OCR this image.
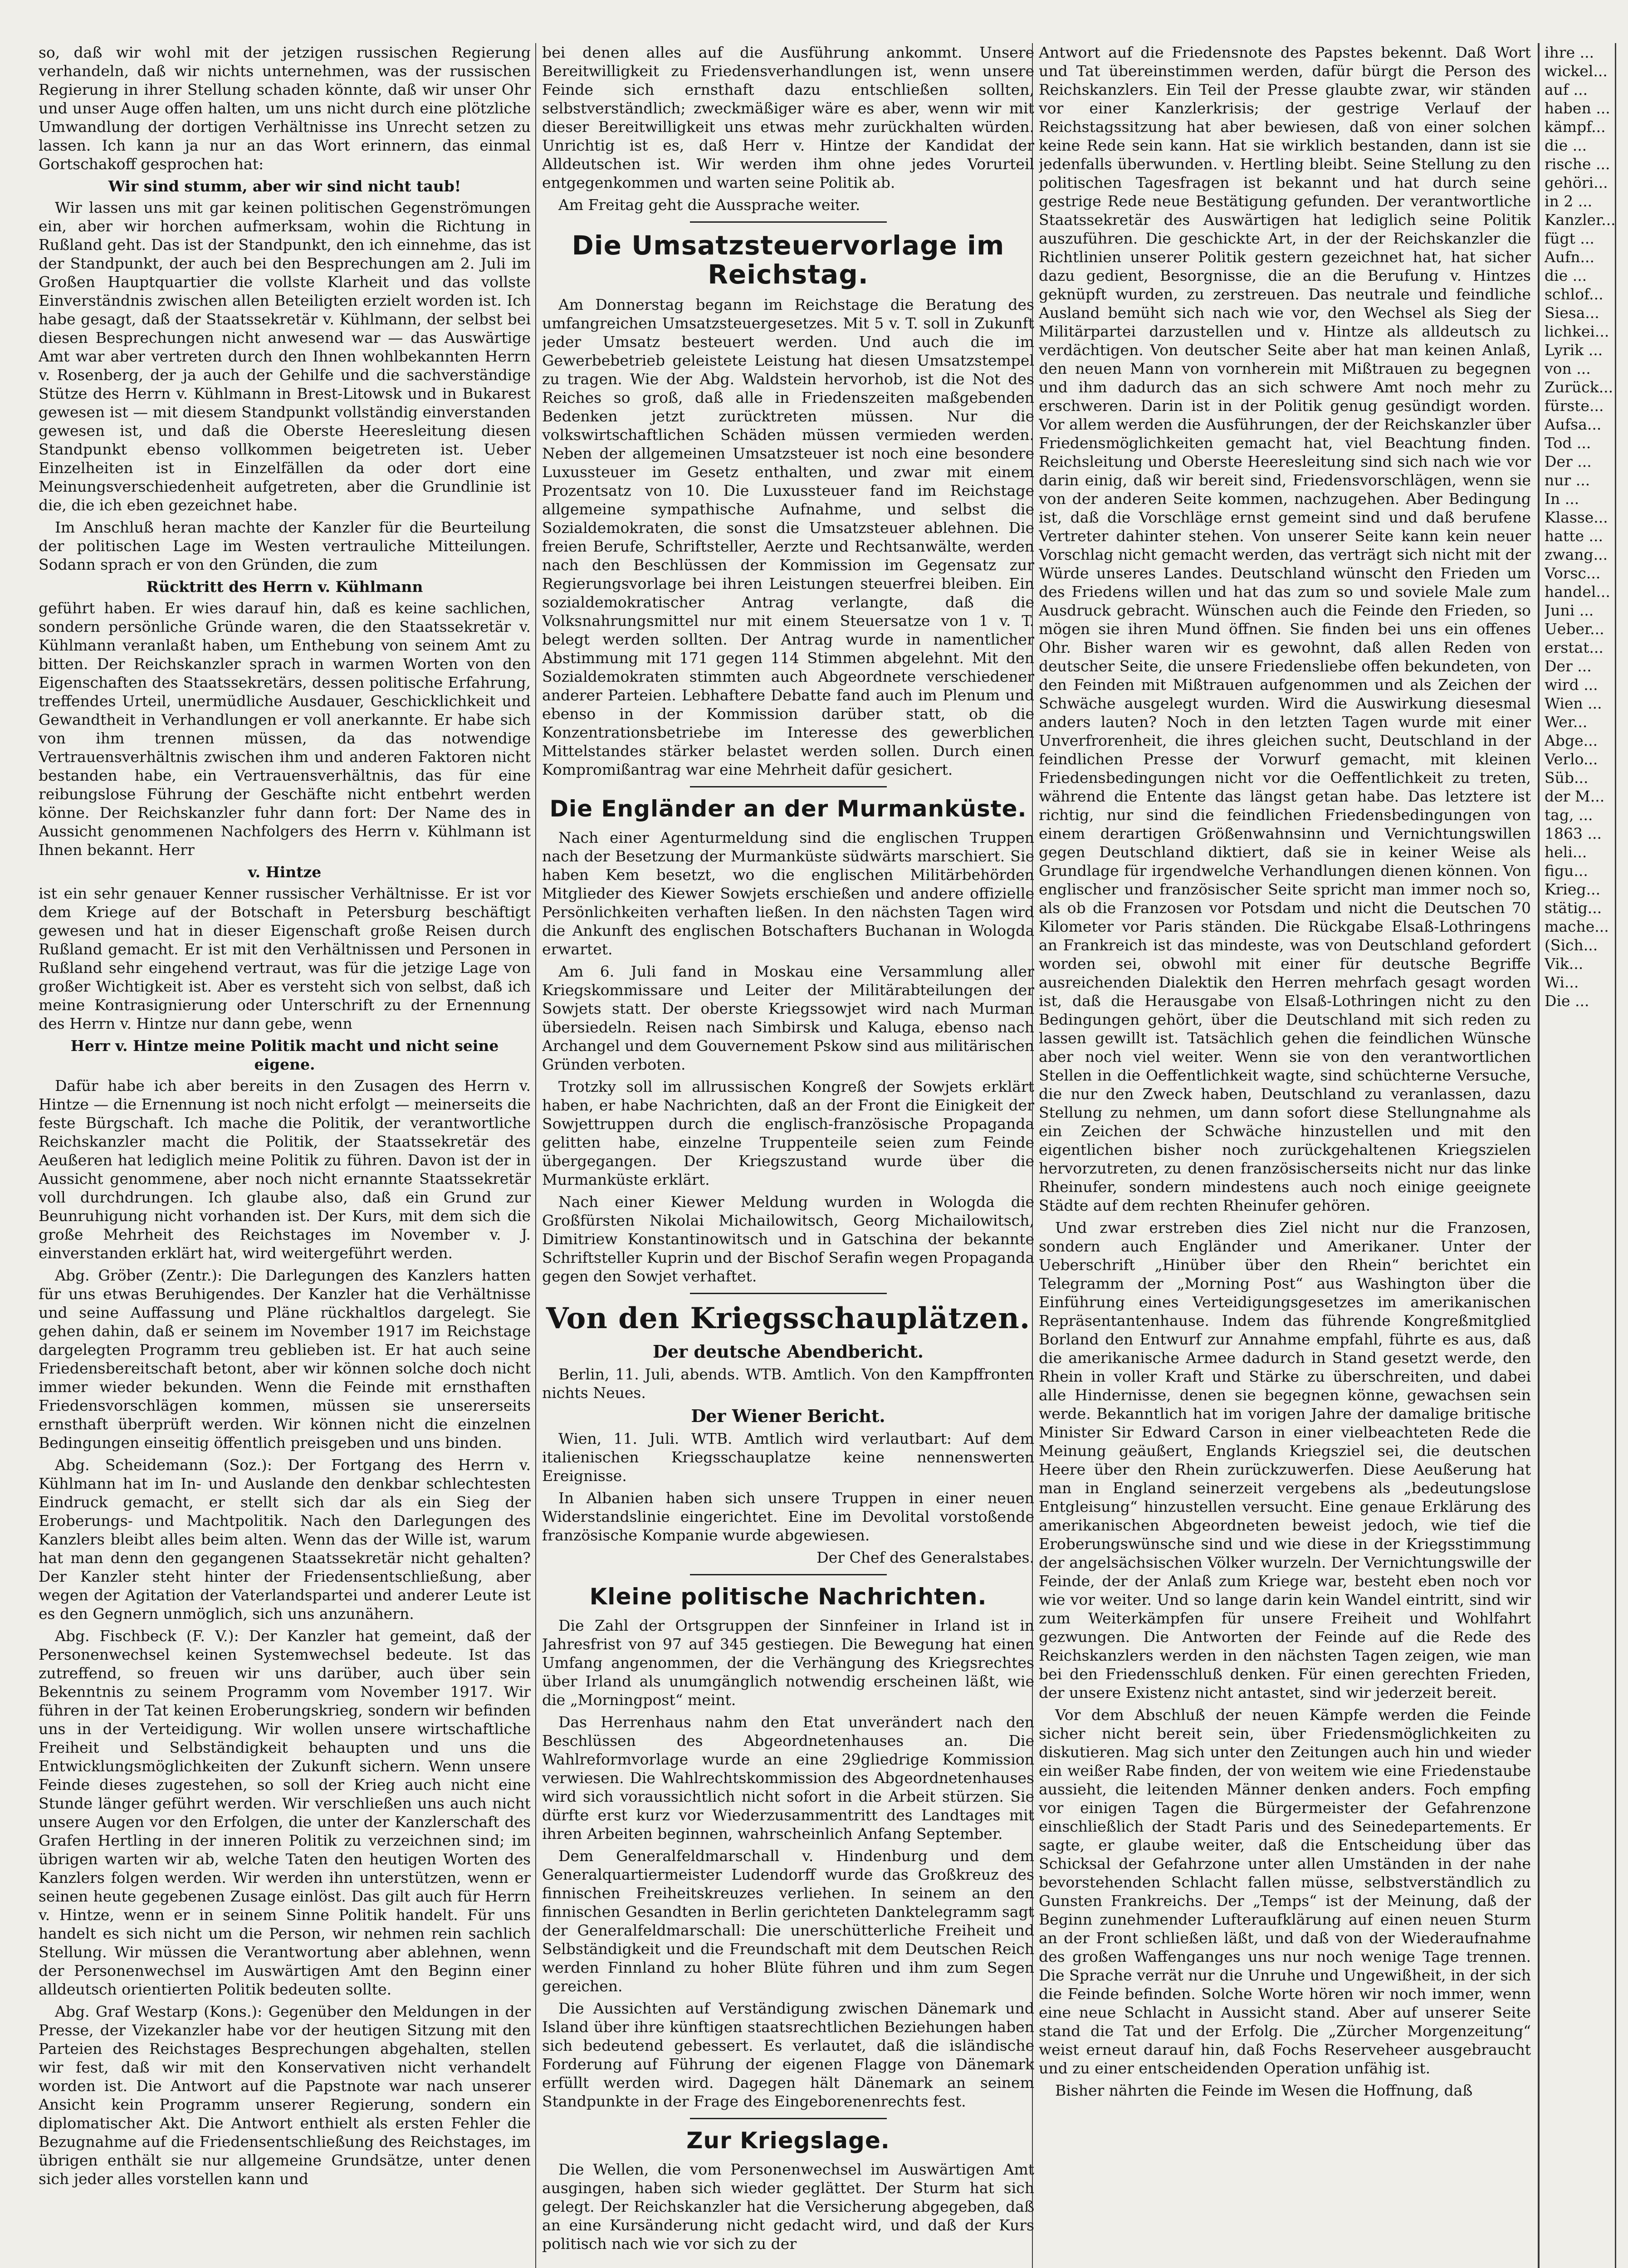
so, daß wir wohl mit der jetzigen russischen Regierung verhandeln, daß wir nichts unternehmen, was der russischen Regierung in ihrer Stellung schaden könnte, daß wir unser Ohr und unser Auge offen halten, um uns nicht durch eine plötzliche Umwandlung der dortigen Verhältnisse ins Unrecht setzen zu lassen. Ich kann ja nur an das Wort erinnern, das einmal Gortschakoff gesprochen hat:

Wir sind stumm, aber wir sind nicht taub!

Wir lassen uns mit gar keinen politischen Gegenströmungen ein, aber wir horchen aufmerksam, wohin die Richtung in Rußland geht. Das ist der Standpunkt, den ich einnehme, das ist der Standpunkt, der auch bei den Besprechungen am 2. Juli im Großen Hauptquartier die vollste Klarheit und das vollste Einverständnis zwischen allen Beteiligten erzielt worden ist. Ich habe gesagt, daß der Staatssekretär v. Kühlmann, der selbst bei diesen Besprechungen nicht anwesend war — das Auswärtige Amt war aber vertreten durch den Ihnen wohlbekannten Herrn v. Rosenberg, der ja auch der Gehilfe und die sachverständige Stütze des Herrn v. Kühlmann in Brest-Litowsk und in Bukarest gewesen ist — mit diesem Standpunkt vollständig einverstanden gewesen ist, und daß die Oberste Heeresleitung diesen Standpunkt ebenso vollkommen beigetreten ist. Ueber Einzelheiten ist in Einzelfällen da oder dort eine Meinungsverschiedenheit aufgetreten, aber die Grundlinie ist die, die ich eben gezeichnet habe.

Im Anschluß heran machte der Kanzler für die Beurteilung der politischen Lage im Westen vertrauliche Mitteilungen. Sodann sprach er von den Gründen, die zum

Rücktritt des Herrn v. Kühlmann

geführt haben. Er wies darauf hin, daß es keine sachlichen, sondern persönliche Gründe waren, die den Staatssekretär v. Kühlmann veranlaßt haben, um Enthebung von seinem Amt zu bitten. Der Reichskanzler sprach in warmen Worten von den Eigenschaften des Staatssekretärs, dessen politische Erfahrung, treffendes Urteil, unermüdliche Ausdauer, Geschicklichkeit und Gewandtheit in Verhandlungen er voll anerkannte. Er habe sich von ihm trennen müssen, da das notwendige Vertrauensverhältnis zwischen ihm und anderen Faktoren nicht bestanden habe, ein Vertrauensverhältnis, das für eine reibungslose Führung der Geschäfte nicht entbehrt werden könne. Der Reichskanzler fuhr dann fort: Der Name des in Aussicht genommenen Nachfolgers des Herrn v. Kühlmann ist Ihnen bekannt. Herr

v. Hintze

ist ein sehr genauer Kenner russischer Verhältnisse. Er ist vor dem Kriege auf der Botschaft in Petersburg beschäftigt gewesen und hat in dieser Eigenschaft große Reisen durch Rußland gemacht. Er ist mit den Verhältnissen und Personen in Rußland sehr eingehend vertraut, was für die jetzige Lage von großer Wichtigkeit ist. Aber es versteht sich von selbst, daß ich meine Kontrasignierung oder Unterschrift zu der Ernennung des Herrn v. Hintze nur dann gebe, wenn

Herr v. Hintze meine Politik macht und nicht seine eigene.

Dafür habe ich aber bereits in den Zusagen des Herrn v. Hintze — die Ernennung ist noch nicht erfolgt — meinerseits die feste Bürgschaft. Ich mache die Politik, der verantwortliche Reichskanzler macht die Politik, der Staatssekretär des Aeußeren hat lediglich meine Politik zu führen. Davon ist der in Aussicht genommene, aber noch nicht ernannte Staatssekretär voll durchdrungen. Ich glaube also, daß ein Grund zur Beunruhigung nicht vorhanden ist. Der Kurs, mit dem sich die große Mehrheit des Reichstages im November v. J. einverstanden erklärt hat, wird weitergeführt werden.

Abg. Gröber (Zentr.): Die Darlegungen des Kanzlers hatten für uns etwas Beruhigendes. Der Kanzler hat die Verhältnisse und seine Auffassung und Pläne rückhaltlos dargelegt. Sie gehen dahin, daß er seinem im November 1917 im Reichstage dargelegten Programm treu geblieben ist. Er hat auch seine Friedensbereitschaft betont, aber wir können solche doch nicht immer wieder bekunden. Wenn die Feinde mit ernsthaften Friedensvorschlägen kommen, müssen sie unsererseits ernsthaft überprüft werden. Wir können nicht die einzelnen Bedingungen einseitig öffentlich preisgeben und uns binden.

Abg. Scheidemann (Soz.): Der Fortgang des Herrn v. Kühlmann hat im In- und Auslande den denkbar schlechtesten Eindruck gemacht, er stellt sich dar als ein Sieg der Eroberungs- und Machtpolitik. Nach den Darlegungen des Kanzlers bleibt alles beim alten. Wenn das der Wille ist, warum hat man denn den gegangenen Staatssekretär nicht gehalten? Der Kanzler steht hinter der Friedensentschließung, aber wegen der Agitation der Vaterlandspartei und anderer Leute ist es den Gegnern unmöglich, sich uns anzunähern.

Abg. Fischbeck (F. V.): Der Kanzler hat gemeint, daß der Personenwechsel keinen Systemwechsel bedeute. Ist das zutreffend, so freuen wir uns darüber, auch über sein Bekenntnis zu seinem Programm vom November 1917. Wir führen in der Tat keinen Eroberungskrieg, sondern wir befinden uns in der Verteidigung. Wir wollen unsere wirtschaftliche Freiheit und Selbständigkeit behaupten und uns die Entwicklungsmöglichkeiten der Zukunft sichern. Wenn unsere Feinde dieses zugestehen, so soll der Krieg auch nicht eine Stunde länger geführt werden. Wir verschließen uns auch nicht unsere Augen vor den Erfolgen, die unter der Kanzlerschaft des Grafen Hertling in der inneren Politik zu verzeichnen sind; im übrigen warten wir ab, welche Taten den heutigen Worten des Kanzlers folgen werden. Wir werden ihn unterstützen, wenn er seinen heute gegebenen Zusage einlöst. Das gilt auch für Herrn v. Hintze, wenn er in seinem Sinne Politik handelt. Für uns handelt es sich nicht um die Person, wir nehmen rein sachlich Stellung. Wir müssen die Verantwortung aber ablehnen, wenn der Personenwechsel im Auswärtigen Amt den Beginn einer alldeutsch orientierten Politik bedeuten sollte.

Abg. Graf Westarp (Kons.): Gegenüber den Meldungen in der Presse, der Vizekanzler habe vor der heutigen Sitzung mit den Parteien des Reichstages Besprechungen abgehalten, stellen wir fest, daß wir mit den Konservativen nicht verhandelt worden ist. Die Antwort auf die Papstnote war nach unserer Ansicht kein Programm unserer Regierung, sondern ein diplomatischer Akt. Die Antwort enthielt als ersten Fehler die Bezugnahme auf die Friedensentschließung des Reichstages, im übrigen enthält sie nur allgemeine Grundsätze, unter denen sich jeder alles vorstellen kann und

bei denen alles auf die Ausführung ankommt. Unsere Bereitwilligkeit zu Friedensverhandlungen ist, wenn unsere Feinde sich ernsthaft dazu entschließen sollten, selbstverständlich; zweckmäßiger wäre es aber, wenn wir mit dieser Bereitwilligkeit uns etwas mehr zurückhalten würden. Unrichtig ist es, daß Herr v. Hintze der Kandidat der Alldeutschen ist. Wir werden ihm ohne jedes Vorurteil entgegenkommen und warten seine Politik ab.

Am Freitag geht die Aussprache weiter.

Die Umsatzsteuervorlage im Reichstag.

Am Donnerstag begann im Reichstage die Beratung des umfangreichen Umsatzsteuergesetzes. Mit 5 v. T. soll in Zukunft jeder Umsatz besteuert werden. Und auch die im Gewerbebetrieb geleistete Leistung hat diesen Umsatzstempel zu tragen. Wie der Abg. Waldstein hervorhob, ist die Not des Reiches so groß, daß alle in Friedenszeiten maßgebenden Bedenken jetzt zurücktreten müssen. Nur die volkswirtschaftlichen Schäden müssen vermieden werden. Neben der allgemeinen Umsatzsteuer ist noch eine besondere Luxussteuer im Gesetz enthalten, und zwar mit einem Prozentsatz von 10. Die Luxussteuer fand im Reichstage allgemeine sympathische Aufnahme, und selbst die Sozialdemokraten, die sonst die Umsatzsteuer ablehnen. Die freien Berufe, Schriftsteller, Aerzte und Rechtsanwälte, werden nach den Beschlüssen der Kommission im Gegensatz zur Regierungsvorlage bei ihren Leistungen steuerfrei bleiben. Ein sozialdemokratischer Antrag verlangte, daß die Volksnahrungsmittel nur mit einem Steuersatze von 1 v. T. belegt werden sollten. Der Antrag wurde in namentlicher Abstimmung mit 171 gegen 114 Stimmen abgelehnt. Mit den Sozialdemokraten stimmten auch Abgeordnete verschiedener anderer Parteien. Lebhaftere Debatte fand auch im Plenum und ebenso in der Kommission darüber statt, ob die Konzentrationsbetriebe im Interesse des gewerblichen Mittelstandes stärker belastet werden sollen. Durch einen Kompromißantrag war eine Mehrheit dafür gesichert.

Die Engländer an der Murmanküste.

Nach einer Agenturmeldung sind die englischen Truppen nach der Besetzung der Murmanküste südwärts marschiert. Sie haben Kem besetzt, wo die englischen Militärbehörden Mitglieder des Kiewer Sowjets erschießen und andere offizielle Persönlichkeiten verhaften ließen. In den nächsten Tagen wird die Ankunft des englischen Botschafters Buchanan in Wologda erwartet.

Am 6. Juli fand in Moskau eine Versammlung aller Kriegskommissare und Leiter der Militärabteilungen der Sowjets statt. Der oberste Kriegssowjet wird nach Murman übersiedeln. Reisen nach Simbirsk und Kaluga, ebenso nach Archangel und dem Gouvernement Pskow sind aus militärischen Gründen verboten.

Trotzky soll im allrussischen Kongreß der Sowjets erklärt haben, er habe Nachrichten, daß an der Front die Einigkeit der Sowjettruppen durch die englisch-französische Propaganda gelitten habe, einzelne Truppenteile seien zum Feinde übergegangen. Der Kriegszustand wurde über die Murmanküste erklärt.

Nach einer Kiewer Meldung wurden in Wologda die Großfürsten Nikolai Michailowitsch, Georg Michailowitsch, Dimitriew Konstantinowitsch und in Gatschina der bekannte Schriftsteller Kuprin und der Bischof Serafin wegen Propaganda gegen den Sowjet verhaftet.

Von den Kriegsschauplätzen.
Der deutsche Abendbericht.

Berlin, 11. Juli, abends. WTB. Amtlich. Von den Kampffronten nichts Neues.

Der Wiener Bericht.

Wien, 11. Juli. WTB. Amtlich wird verlautbart: Auf dem italienischen Kriegsschauplatze keine nennenswerten Ereignisse.

In Albanien haben sich unsere Truppen in einer neuen Widerstandslinie eingerichtet. Eine im Devolital vorstoßende französische Kompanie wurde abgewiesen.

Der Chef des Generalstabes.
Kleine politische Nachrichten.

Die Zahl der Ortsgruppen der Sinnfeiner in Irland ist in Jahresfrist von 97 auf 345 gestiegen. Die Bewegung hat einen Umfang angenommen, der die Verhängung des Kriegsrechtes über Irland als unumgänglich notwendig erscheinen läßt, wie die „Morningpost“ meint.

Das Herrenhaus nahm den Etat unverändert nach den Beschlüssen des Abgeordnetenhauses an. Die Wahlreformvorlage wurde an eine 29gliedrige Kommission verwiesen. Die Wahlrechtskommission des Abgeordnetenhauses wird sich voraussichtlich nicht sofort in die Arbeit stürzen. Sie dürfte erst kurz vor Wiederzusammentritt des Landtages mit ihren Arbeiten beginnen, wahrscheinlich Anfang September.

Dem Generalfeldmarschall v. Hindenburg und dem Generalquartiermeister Ludendorff wurde das Großkreuz des finnischen Freiheitskreuzes verliehen. In seinem an den finnischen Gesandten in Berlin gerichteten Danktelegramm sagt der Generalfeldmarschall: Die unerschütterliche Freiheit und Selbständigkeit und die Freundschaft mit dem Deutschen Reich werden Finnland zu hoher Blüte führen und ihm zum Segen gereichen.

Die Aussichten auf Verständigung zwischen Dänemark und Island über ihre künftigen staatsrechtlichen Beziehungen haben sich bedeutend gebessert. Es verlautet, daß die isländische Forderung auf Führung der eigenen Flagge von Dänemark erfüllt werden wird. Dagegen hält Dänemark an seinem Standpunkte in der Frage des Eingeborenenrechts fest.

Zur Kriegslage.

Die Wellen, die vom Personenwechsel im Auswärtigen Amt ausgingen, haben sich wieder geglättet. Der Sturm hat sich gelegt. Der Reichskanzler hat die Versicherung abgegeben, daß an eine Kursänderung nicht gedacht wird, und daß der Kurs politisch nach wie vor sich zu der

Antwort auf die Friedensnote des Papstes bekennt. Daß Wort und Tat übereinstimmen werden, dafür bürgt die Person des Reichskanzlers. Ein Teil der Presse glaubte zwar, wir ständen vor einer Kanzlerkrisis; der gestrige Verlauf der Reichstagssitzung hat aber bewiesen, daß von einer solchen keine Rede sein kann. Hat sie wirklich bestanden, dann ist sie jedenfalls überwunden. v. Hertling bleibt. Seine Stellung zu den politischen Tagesfragen ist bekannt und hat durch seine gestrige Rede neue Bestätigung gefunden. Der verantwortliche Staatssekretär des Auswärtigen hat lediglich seine Politik auszuführen. Die geschickte Art, in der der Reichskanzler die Richtlinien unserer Politik gestern gezeichnet hat, hat sicher dazu gedient, Besorgnisse, die an die Berufung v. Hintzes geknüpft wurden, zu zerstreuen. Das neutrale und feindliche Ausland bemüht sich nach wie vor, den Wechsel als Sieg der Militärpartei darzustellen und v. Hintze als alldeutsch zu verdächtigen. Von deutscher Seite aber hat man keinen Anlaß, den neuen Mann von vornherein mit Mißtrauen zu begegnen und ihm dadurch das an sich schwere Amt noch mehr zu erschweren. Darin ist in der Politik genug gesündigt worden. Vor allem werden die Ausführungen, der der Reichskanzler über Friedensmöglichkeiten gemacht hat, viel Beachtung finden. Reichsleitung und Oberste Heeresleitung sind sich nach wie vor darin einig, daß wir bereit sind, Friedensvorschlägen, wenn sie von der anderen Seite kommen, nachzugehen. Aber Bedingung ist, daß die Vorschläge ernst gemeint sind und daß berufene Vertreter dahinter stehen. Von unserer Seite kann kein neuer Vorschlag nicht gemacht werden, das verträgt sich nicht mit der Würde unseres Landes. Deutschland wünscht den Frieden um des Friedens willen und hat das zum so und soviele Male zum Ausdruck gebracht. Wünschen auch die Feinde den Frieden, so mögen sie ihren Mund öffnen. Sie finden bei uns ein offenes Ohr. Bisher waren wir es gewohnt, daß allen Reden von deutscher Seite, die unsere Friedensliebe offen bekundeten, von den Feinden mit Mißtrauen aufgenommen und als Zeichen der Schwäche ausgelegt wurden. Wird die Auswirkung diesesmal anders lauten? Noch in den letzten Tagen wurde mit einer Unverfrorenheit, die ihres gleichen sucht, Deutschland in der feindlichen Presse der Vorwurf gemacht, mit kleinen Friedensbedingungen nicht vor die Oeffentlichkeit zu treten, während die Entente das längst getan habe. Das letztere ist richtig, nur sind die feindlichen Friedensbedingungen von einem derartigen Größenwahnsinn und Vernichtungswillen gegen Deutschland diktiert, daß sie in keiner Weise als Grundlage für irgendwelche Verhandlungen dienen können. Von englischer und französischer Seite spricht man immer noch so, als ob die Franzosen vor Potsdam und nicht die Deutschen 70 Kilometer vor Paris ständen. Die Rückgabe Elsaß-Lothringens an Frankreich ist das mindeste, was von Deutschland gefordert worden sei, obwohl mit einer für deutsche Begriffe ausreichenden Dialektik den Herren mehrfach gesagt worden ist, daß die Herausgabe von Elsaß-Lothringen nicht zu den Bedingungen gehört, über die Deutschland mit sich reden zu lassen gewillt ist. Tatsächlich gehen die feindlichen Wünsche aber noch viel weiter. Wenn sie von den verantwortlichen Stellen in die Oeffentlichkeit wagte, sind schüchterne Versuche, die nur den Zweck haben, Deutschland zu veranlassen, dazu Stellung zu nehmen, um dann sofort diese Stellungnahme als ein Zeichen der Schwäche hinzustellen und mit den eigentlichen bisher noch zurückgehaltenen Kriegszielen hervorzutreten, zu denen französischerseits nicht nur das linke Rheinufer, sondern mindestens auch noch einige geeignete Städte auf dem rechten Rheinufer gehören.

Und zwar erstreben dies Ziel nicht nur die Franzosen, sondern auch Engländer und Amerikaner. Unter der Ueberschrift „Hinüber über den Rhein“ berichtet ein Telegramm der „Morning Post“ aus Washington über die Einführung eines Verteidigungsgesetzes im amerikanischen Repräsentantenhause. Indem das führende Kongreßmitglied Borland den Entwurf zur Annahme empfahl, führte es aus, daß die amerikanische Armee dadurch in Stand gesetzt werde, den Rhein in voller Kraft und Stärke zu überschreiten, und dabei alle Hindernisse, denen sie begegnen könne, gewachsen sein werde. Bekanntlich hat im vorigen Jahre der damalige britische Minister Sir Edward Carson in einer vielbeachteten Rede die Meinung geäußert, Englands Kriegsziel sei, die deutschen Heere über den Rhein zurückzuwerfen. Diese Aeußerung hat man in England seinerzeit vergebens als „bedeutungslose Entgleisung“ hinzustellen versucht. Eine genaue Erklärung des amerikanischen Abgeordneten beweist jedoch, wie tief die Eroberungswünsche sind und wie diese in der Kriegsstimmung der angelsächsischen Völker wurzeln. Der Vernichtungswille der Feinde, der der Anlaß zum Kriege war, besteht eben noch vor wie vor weiter. Und so lange darin kein Wandel eintritt, sind wir zum Weiterkämpfen für unsere Freiheit und Wohlfahrt gezwungen. Die Antworten der Feinde auf die Rede des Reichskanzlers werden in den nächsten Tagen zeigen, wie man bei den Friedensschluß denken. Für einen gerechten Frieden, der unsere Existenz nicht antastet, sind wir jederzeit bereit.

Vor dem Abschluß der neuen Kämpfe werden die Feinde sicher nicht bereit sein, über Friedensmöglichkeiten zu diskutieren. Mag sich unter den Zeitungen auch hin und wieder ein weißer Rabe finden, der von weitem wie eine Friedenstaube aussieht, die leitenden Männer denken anders. Foch empfing vor einigen Tagen die Bürgermeister der Gefahrenzone einschließlich der Stadt Paris und des Seinedepartements. Er sagte, er glaube weiter, daß die Entscheidung über das Schicksal der Gefahrzone unter allen Umständen in der nahe bevorstehenden Schlacht fallen müsse, selbstverständlich zu Gunsten Frankreichs. Der „Temps“ ist der Meinung, daß der Beginn zunehmender Lufteraufklärung auf einen neuen Sturm an der Front schließen läßt, und daß von der Wiederaufnahme des großen Waffenganges uns nur noch wenige Tage trennen. Die Sprache verrät nur die Unruhe und Ungewißheit, in der sich die Feinde befinden. Solche Worte hören wir noch immer, wenn eine neue Schlacht in Aussicht stand. Aber auf unserer Seite stand die Tat und der Erfolg. Die „Zürcher Morgenzeitung“ weist erneut darauf hin, daß Fochs Reserveheer ausgebraucht und zu einer entscheidenden Operation unfähig ist.

Bisher nährten die Feinde im Wesen die Hoffnung, daß

ihre ...
wickel...
auf ...
haben ...
kämpf...
die ...
rische ...
gehöri...
in 2 ...
Kanzler...
fügt ...
Aufn...
die ...
schlof...
Siesa...
lichkei...
Lyrik ...
von ...
Zurück...
fürste...
Aufsa...
Tod ...
Der ...
nur ...
In ...
Klasse...
hatte ...
zwang...
Vorsc...
handel...
Juni ...
Ueber...
erstat...
Der ...
wird ...
Wien ...
Wer...
Abge...
Verlo...
Süb...
der M...
tag, ...
1863 ...
heli...
figu...
Krieg...
stätig...
mache...
(Sich...
Vik...
Wi...
Die ...
